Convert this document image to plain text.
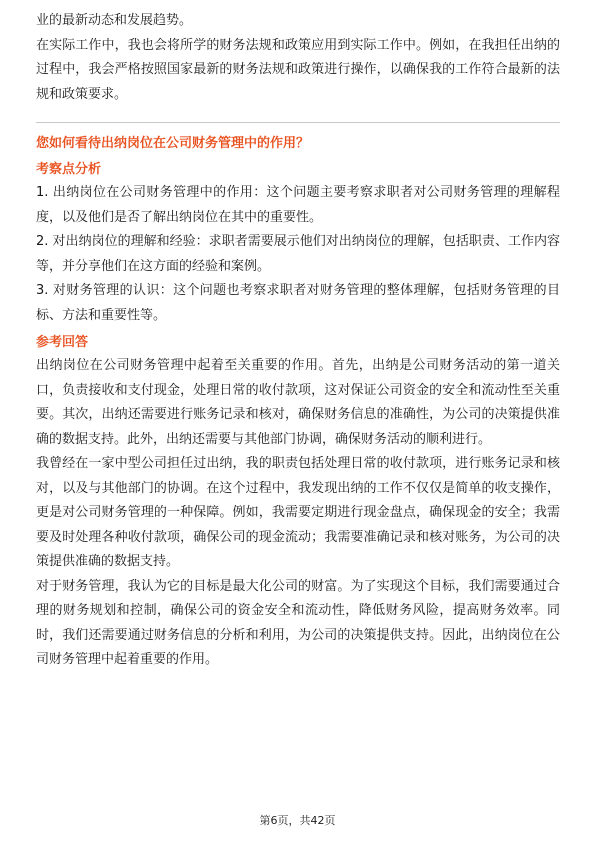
业的最新动态和发展趋势。

在实际工作中，我也会将所学的财务法规和政策应用到实际工作中。例如，在我担任出纳的过程中，我会严格按照国家最新的财务法规和政策进行操作，以确保我的工作符合最新的法规和政策要求。

您如何看待出纳岗位在公司财务管理中的作用？

考察点分析

1. 出纳岗位在公司财务管理中的作用：这个问题主要考察求职者对公司财务管理的理解程度，以及他们是否了解出纳岗位在其中的重要性。

2. 对出纳岗位的理解和经验：求职者需要展示他们对出纳岗位的理解，包括职责、工作内容等，并分享他们在这方面的经验和案例。

3. 对财务管理的认识：这个问题也考察求职者对财务管理的整体理解，包括财务管理的目标、方法和重要性等。

参考回答

出纳岗位在公司财务管理中起着至关重要的作用。首先，出纳是公司财务活动的第一道关口，负责接收和支付现金，处理日常的收付款项，这对保证公司资金的安全和流动性至关重要。其次，出纳还需要进行账务记录和核对，确保财务信息的准确性，为公司的决策提供准确的数据支持。此外，出纳还需要与其他部门协调，确保财务活动的顺利进行。

我曾经在一家中型公司担任过出纳，我的职责包括处理日常的收付款项，进行账务记录和核对，以及与其他部门的协调。在这个过程中，我发现出纳的工作不仅仅是简单的收支操作，更是对公司财务管理的一种保障。例如，我需要定期进行现金盘点，确保现金的安全；我需要及时处理各种收付款项，确保公司的现金流动；我需要准确记录和核对账务，为公司的决策提供准确的数据支持。

对于财务管理，我认为它的目标是最大化公司的财富。为了实现这个目标，我们需要通过合理的财务规划和控制，确保公司的资金安全和流动性，降低财务风险，提高财务效率。同时，我们还需要通过财务信息的分析和利用，为公司的决策提供支持。因此，出纳岗位在公司财务管理中起着重要的作用。

第6页，共42页
